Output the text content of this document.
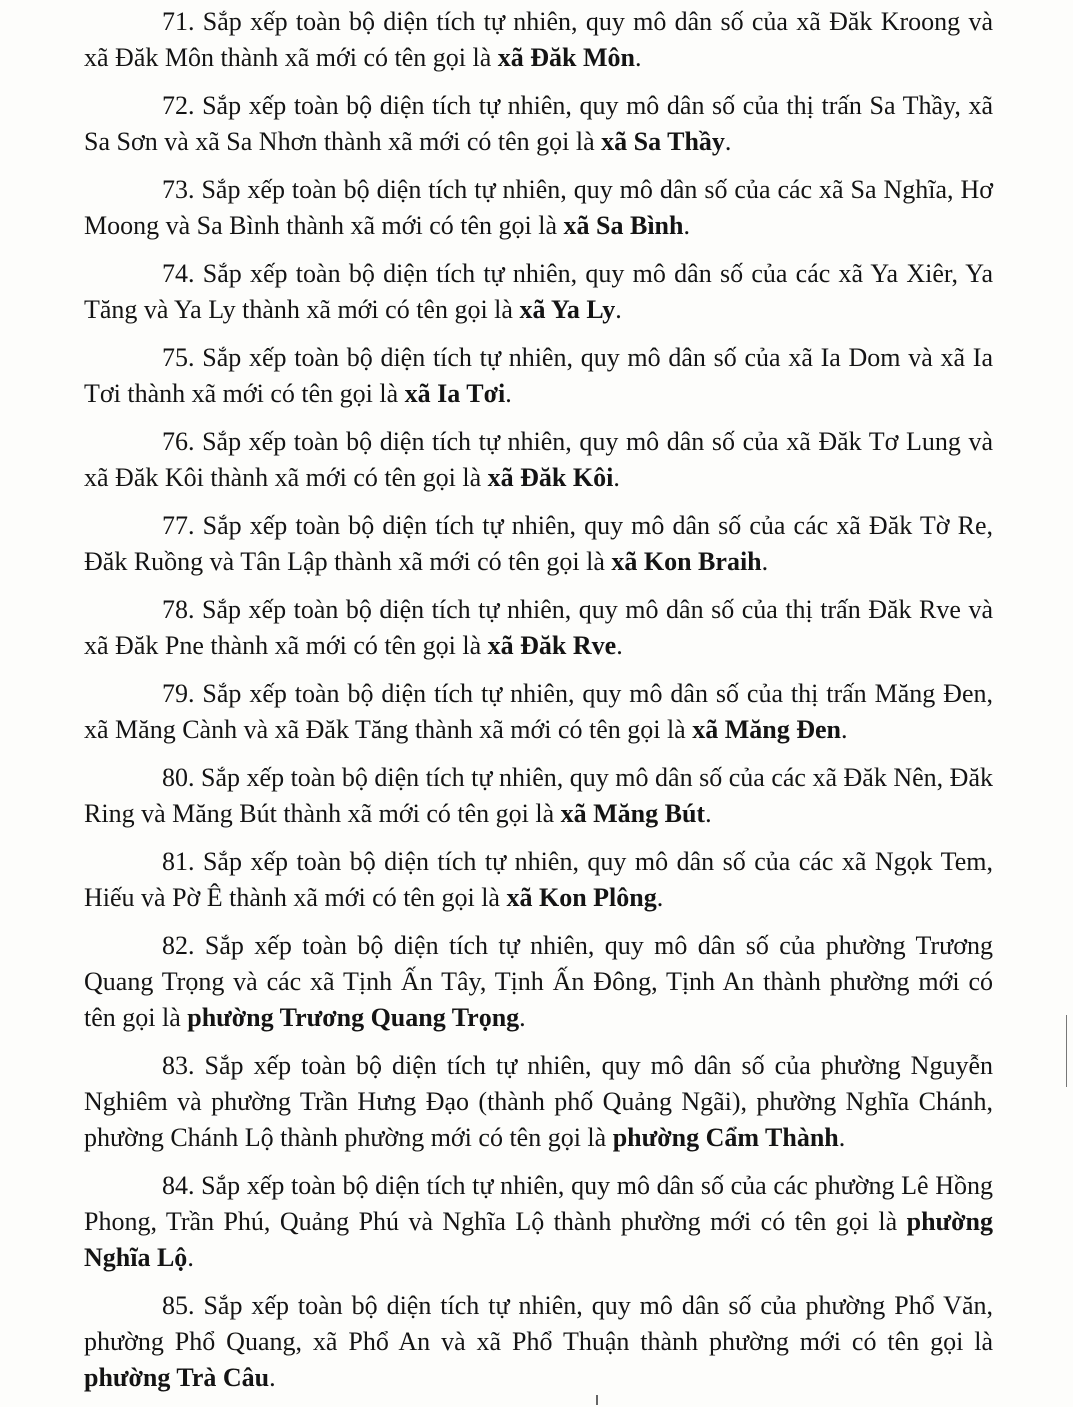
71. Sắp xếp toàn bộ diện tích tự nhiên, quy mô dân số của xã Đăk Kroong và xã Đăk Môn thành xã mới có tên gọi là xã Đăk Môn.

72. Sắp xếp toàn bộ diện tích tự nhiên, quy mô dân số của thị trấn Sa Thầy, xã Sa Sơn và xã Sa Nhơn thành xã mới có tên gọi là xã Sa Thầy.

73. Sắp xếp toàn bộ diện tích tự nhiên, quy mô dân số của các xã Sa Nghĩa, Hơ Moong và Sa Bình thành xã mới có tên gọi là xã Sa Bình.

74. Sắp xếp toàn bộ diện tích tự nhiên, quy mô dân số của các xã Ya Xiêr, Ya Tăng và Ya Ly thành xã mới có tên gọi là xã Ya Ly.

75. Sắp xếp toàn bộ diện tích tự nhiên, quy mô dân số của xã Ia Dom và xã Ia Tơi thành xã mới có tên gọi là xã Ia Tơi.

76. Sắp xếp toàn bộ diện tích tự nhiên, quy mô dân số của xã Đăk Tơ Lung và xã Đăk Kôi thành xã mới có tên gọi là xã Đăk Kôi.

77. Sắp xếp toàn bộ diện tích tự nhiên, quy mô dân số của các xã Đăk Tờ Re, Đăk Ruồng và Tân Lập thành xã mới có tên gọi là xã Kon Braih.

78. Sắp xếp toàn bộ diện tích tự nhiên, quy mô dân số của thị trấn Đăk Rve và xã Đăk Pne thành xã mới có tên gọi là xã Đăk Rve.

79. Sắp xếp toàn bộ diện tích tự nhiên, quy mô dân số của thị trấn Măng Đen, xã Măng Cành và xã Đăk Tăng thành xã mới có tên gọi là xã Măng Đen.

80. Sắp xếp toàn bộ diện tích tự nhiên, quy mô dân số của các xã Đăk Nên, Đăk Ring và Măng Bút thành xã mới có tên gọi là xã Măng Bút.

81. Sắp xếp toàn bộ diện tích tự nhiên, quy mô dân số của các xã Ngọk Tem, Hiếu và Pờ Ê thành xã mới có tên gọi là xã Kon Plông.

82. Sắp xếp toàn bộ diện tích tự nhiên, quy mô dân số của phường Trương Quang Trọng và các xã Tịnh Ấn Tây, Tịnh Ấn Đông, Tịnh An thành phường mới có tên gọi là phường Trương Quang Trọng.

83. Sắp xếp toàn bộ diện tích tự nhiên, quy mô dân số của phường Nguyễn Nghiêm và phường Trần Hưng Đạo (thành phố Quảng Ngãi), phường Nghĩa Chánh, phường Chánh Lộ thành phường mới có tên gọi là phường Cẩm Thành.

84. Sắp xếp toàn bộ diện tích tự nhiên, quy mô dân số của các phường Lê Hồng Phong, Trần Phú, Quảng Phú và Nghĩa Lộ thành phường mới có tên gọi là phường Nghĩa Lộ.

85. Sắp xếp toàn bộ diện tích tự nhiên, quy mô dân số của phường Phổ Văn, phường Phổ Quang, xã Phổ An và xã Phổ Thuận thành phường mới có tên gọi là phường Trà Câu.
